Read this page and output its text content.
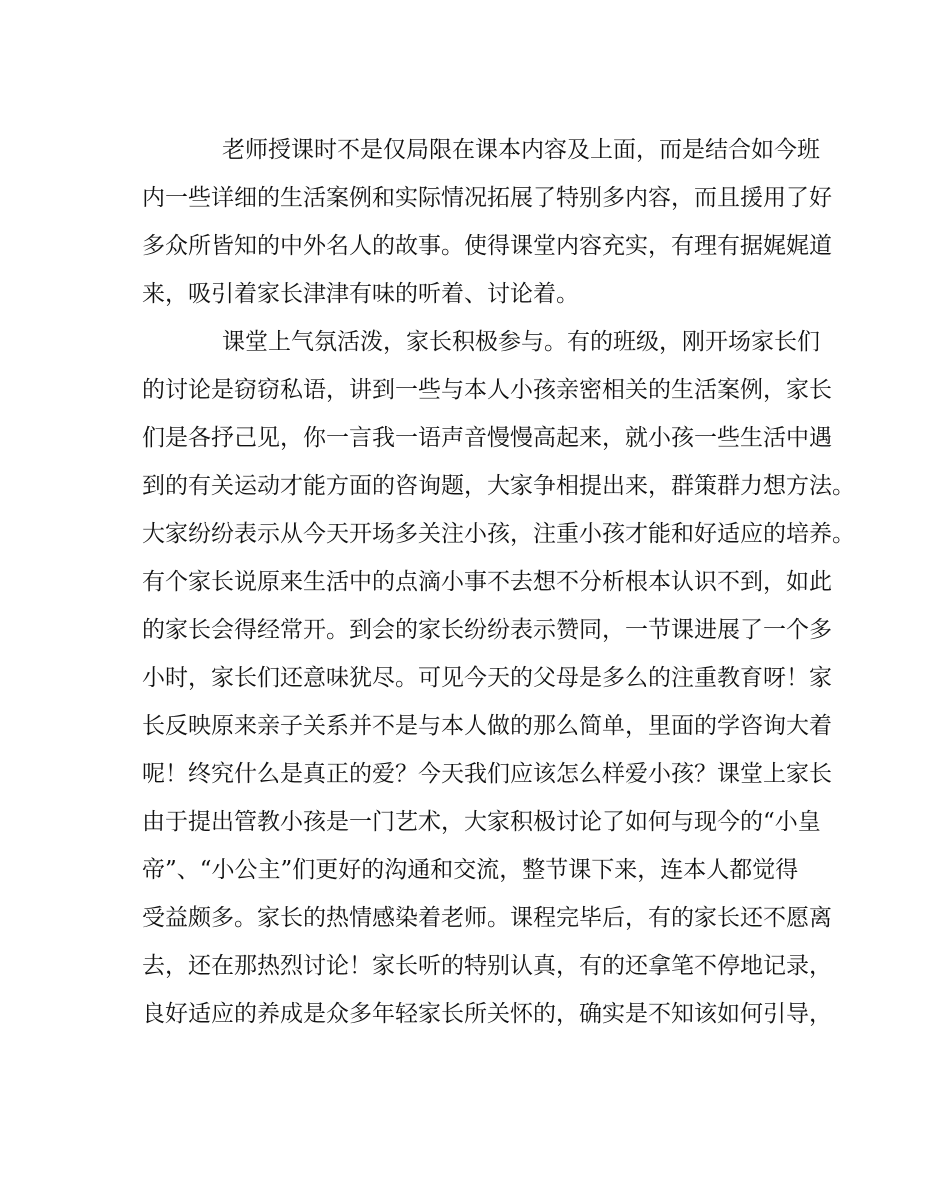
老师授课时不是仅局限在课本内容及上面，而是结合如今班

内一些详细的生活案例和实际情况拓展了特别多内容，而且援用了好

多众所皆知的中外名人的故事。使得课堂内容充实，有理有据娓娓道

来，吸引着家长津津有味的听着、讨论着。

课堂上气氛活泼，家长积极参与。有的班级，刚开场家长们

的讨论是窃窃私语，讲到一些与本人小孩亲密相关的生活案例，家长

们是各抒己见，你一言我一语声音慢慢高起来，就小孩一些生活中遇

到的有关运动才能方面的咨询题，大家争相提出来，群策群力想方法。

大家纷纷表示从今天开场多关注小孩，注重小孩才能和好适应的培养。

有个家长说原来生活中的点滴小事不去想不分析根本认识不到，如此

的家长会得经常开。到会的家长纷纷表示赞同，一节课进展了一个多

小时，家长们还意味犹尽。可见今天的父母是多么的注重教育呀！家

长反映原来亲子关系并不是与本人做的那么简单，里面的学咨询大着

呢！终究什么是真正的爱？今天我们应该怎么样爱小孩？课堂上家长

由于提出管教小孩是一门艺术，大家积极讨论了如何与现今的“小皇

帝”、“小公主”们更好的沟通和交流，整节课下来，连本人都觉得

受益颇多。家长的热情感染着老师。课程完毕后，有的家长还不愿离

去，还在那热烈讨论！家长听的特别认真，有的还拿笔不停地记录，

良好适应的养成是众多年轻家长所关怀的，确实是不知该如何引导，
